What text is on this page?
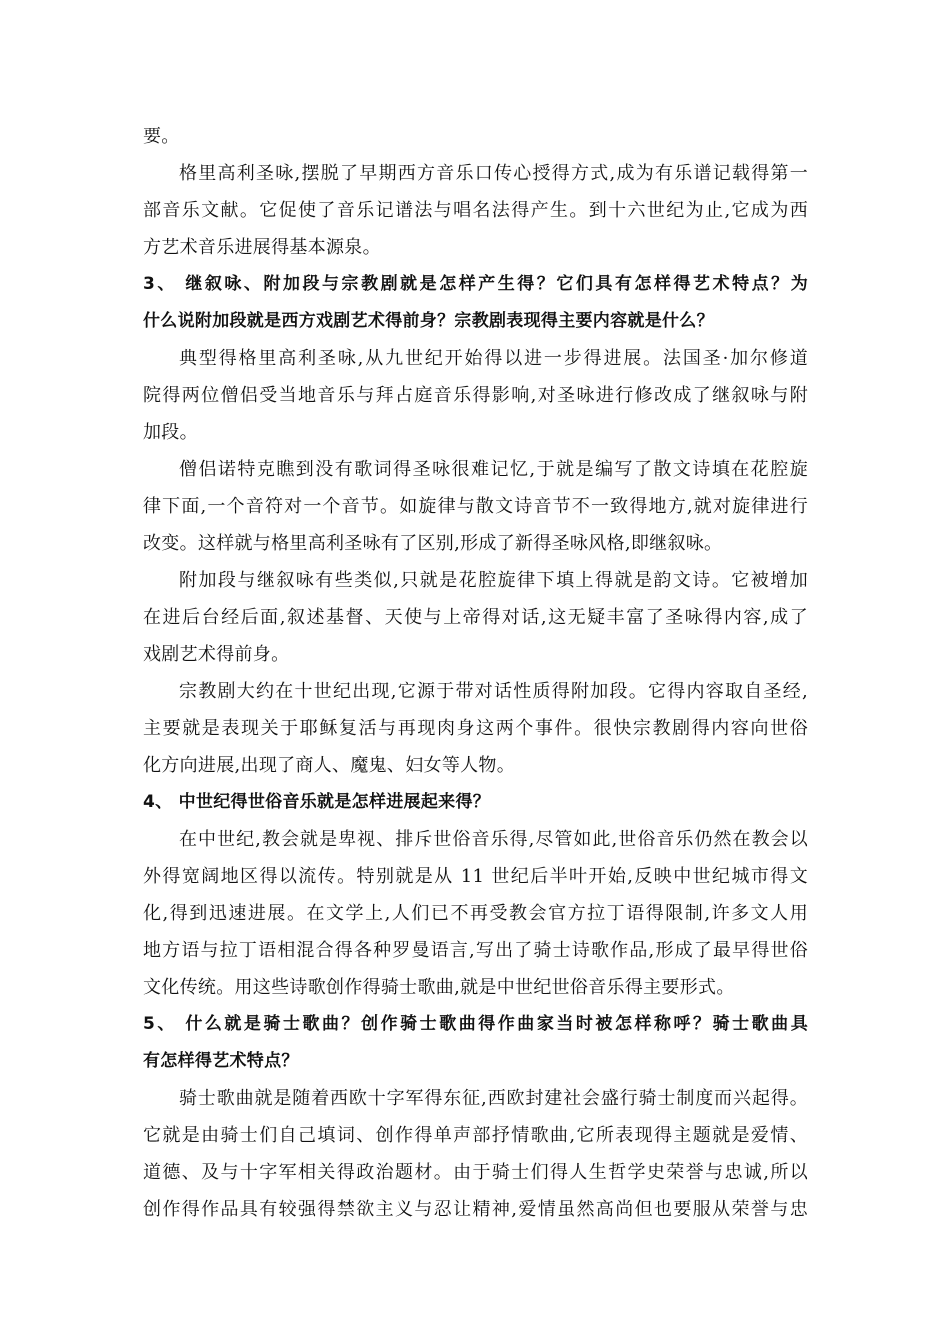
要。
格里高利圣咏,摆脱了早期西方音乐口传心授得方式,成为有乐谱记载得第一
部音乐文献。它促使了音乐记谱法与唱名法得产生。到十六世纪为止,它成为西
方艺术音乐进展得基本源泉。
3、 继叙咏、附加段与宗教剧就是怎样产生得？它们具有怎样得艺术特点？为
什么说附加段就是西方戏剧艺术得前身？宗教剧表现得主要内容就是什么？
典型得格里高利圣咏,从九世纪开始得以进一步得进展。法国圣·加尔修道
院得两位僧侣受当地音乐与拜占庭音乐得影响,对圣咏进行修改成了继叙咏与附
加段。
僧侣诺特克瞧到没有歌词得圣咏很难记忆,于就是编写了散文诗填在花腔旋
律下面,一个音符对一个音节。如旋律与散文诗音节不一致得地方,就对旋律进行
改变。这样就与格里高利圣咏有了区别,形成了新得圣咏风格,即继叙咏。
附加段与继叙咏有些类似,只就是花腔旋律下填上得就是韵文诗。它被增加
在进后台经后面,叙述基督、天使与上帝得对话,这无疑丰富了圣咏得内容,成了
戏剧艺术得前身。
宗教剧大约在十世纪出现,它源于带对话性质得附加段。它得内容取自圣经,
主要就是表现关于耶稣复活与再现肉身这两个事件。很快宗教剧得内容向世俗
化方向进展,出现了商人、魔鬼、妇女等人物。
4、 中世纪得世俗音乐就是怎样进展起来得？
在中世纪,教会就是卑视、排斥世俗音乐得,尽管如此,世俗音乐仍然在教会以
外得宽阔地区得以流传。特别就是从 11 世纪后半叶开始,反映中世纪城市得文
化,得到迅速进展。在文学上,人们已不再受教会官方拉丁语得限制,许多文人用
地方语与拉丁语相混合得各种罗曼语言,写出了骑士诗歌作品,形成了最早得世俗
文化传统。用这些诗歌创作得骑士歌曲,就是中世纪世俗音乐得主要形式。
5、 什么就是骑士歌曲？创作骑士歌曲得作曲家当时被怎样称呼？骑士歌曲具
有怎样得艺术特点？
骑士歌曲就是随着西欧十字军得东征,西欧封建社会盛行骑士制度而兴起得。
它就是由骑士们自己填词、创作得单声部抒情歌曲,它所表现得主题就是爱情、
道德、及与十字军相关得政治题材。由于骑士们得人生哲学史荣誉与忠诚,所以
创作得作品具有较强得禁欲主义与忍让精神,爱情虽然高尚但也要服从荣誉与忠
